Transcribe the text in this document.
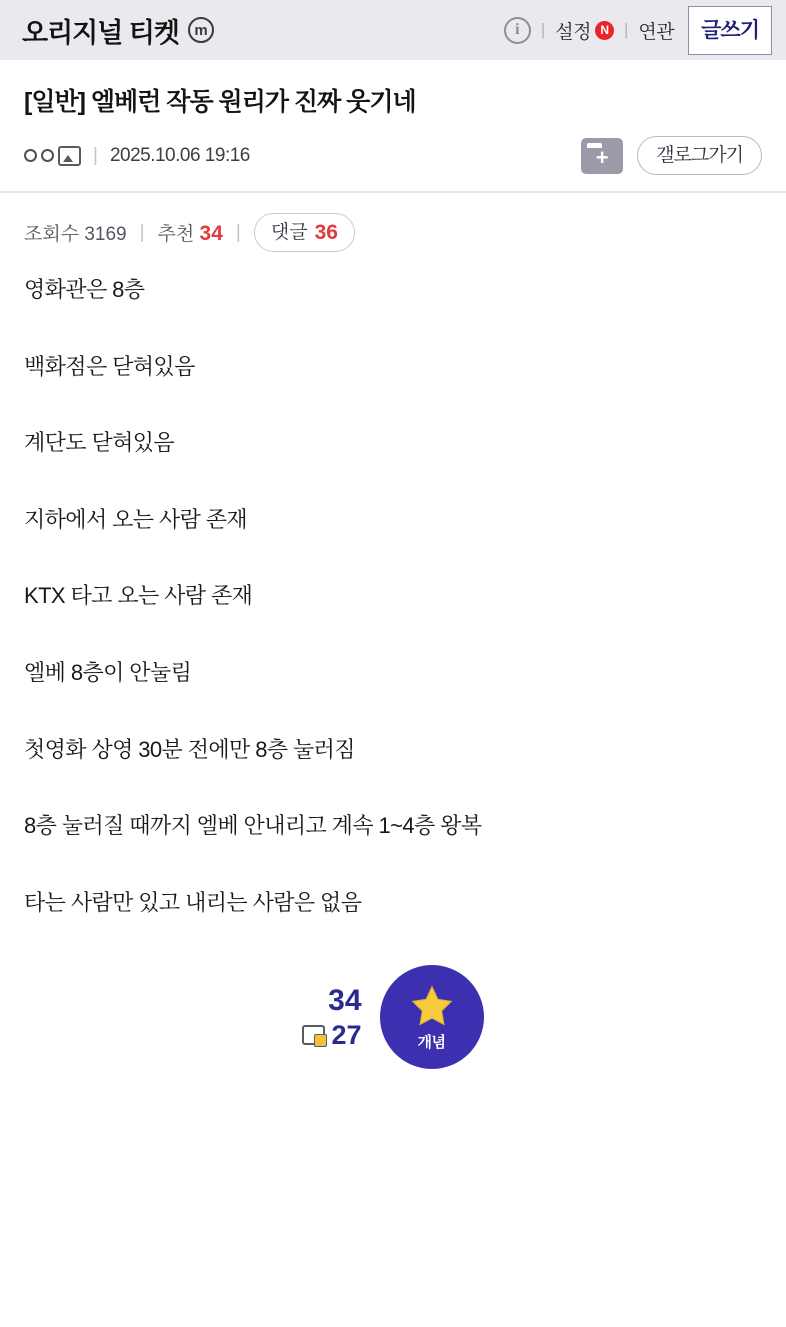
오리지널 티켓	m	i	| 설정 N | 연관	글쓰기
[일반] 엘베런 작동 원리가 진짜 웃기네
| 2025.10.06 19:16 +	갤로그가기
조회수 3169 | 추천 34 | 댓글 36

영화관은 8층

백화점은 닫혀있음

계단도 닫혀있음

지하에서 오는 사람 존재

KTX 타고 오는 사람 존재

엘베 8층이 안눌림

첫영화 상영 30분 전에만 8층 눌러짐

8층 눌러질 때까지 엘베 안내리고 계속 1~4층 왕복

타는 사람만 있고 내리는 사람은 없음

34
27	개념
